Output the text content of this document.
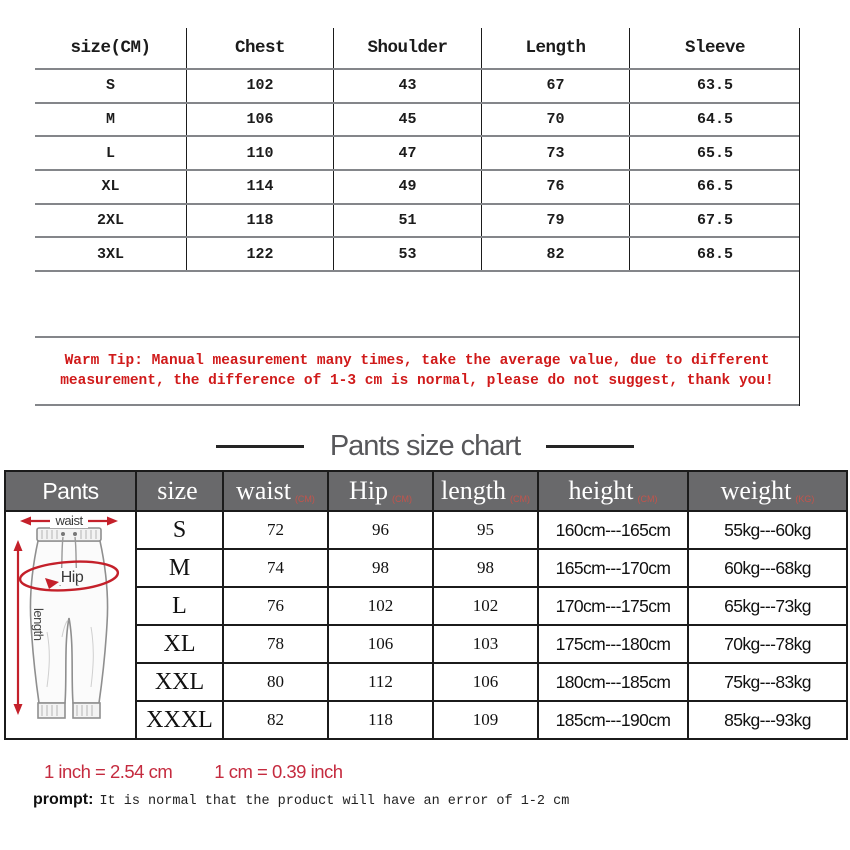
size(CM)	Chest	Shoulder	Length	Sleeve
S	102	43	67	63.5
M	106	45	70	64.5
L	110	47	73	65.5
XL	114	49	76	66.5
2XL	118	51	79	67.5
3XL	122	53	82	68.5
Warm Tip: Manual measurement many times, take the average value, due to different
measurement, the difference of 1-3 cm is normal, please do not suggest, thank you!
Pants size chart
Pants	size	waist (CM)	Hip (CM)	length (CM)	height (CM)	weight (KG)

waist
Hip
length	S	72	96	95	160cm---165cm	55kg---60kg
	M	74	98	98	165cm---170cm	60kg---68kg
	L	76	102	102	170cm---175cm	65kg---73kg
	XL	78	106	103	175cm---180cm	70kg---78kg
	XXL	80	112	106	180cm---185cm	75kg---83kg
	XXXL	82	118	109	185cm---190cm	85kg---93kg
1 inch = 2.54 cm 1 cm = 0.39 inch
prompt: It is normal that the product will have an error of 1-2 cm
